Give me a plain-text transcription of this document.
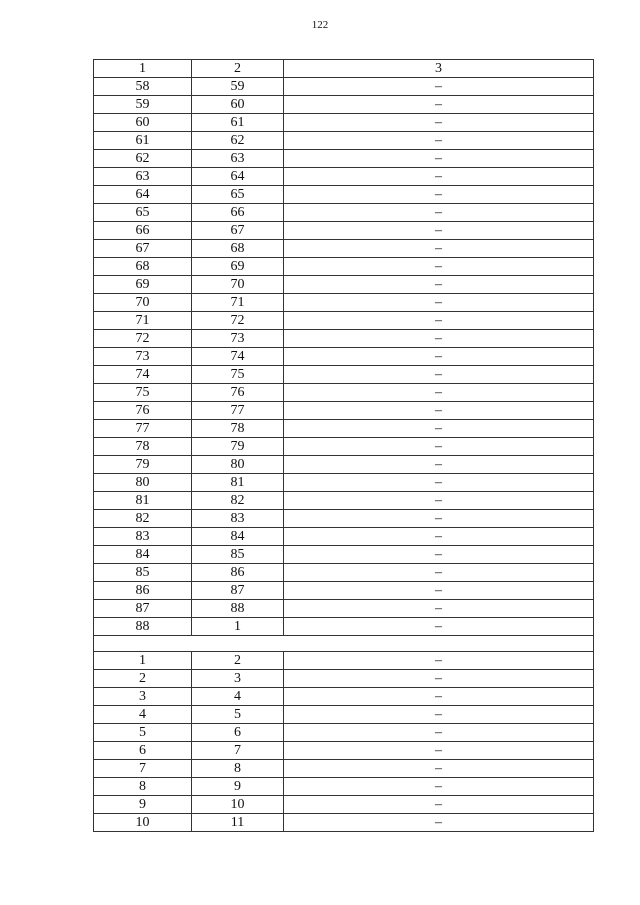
122
1	2	3
58	59	–
59	60	–
60	61	–
61	62	–
62	63	–
63	64	–
64	65	–
65	66	–
66	67	–
67	68	–
68	69	–
69	70	–
70	71	–
71	72	–
72	73	–
73	74	–
74	75	–
75	76	–
76	77	–
77	78	–
78	79	–
79	80	–
80	81	–
81	82	–
82	83	–
83	84	–
84	85	–
85	86	–
86	87	–
87	88	–
88	1	–

1	2	–
2	3	–
3	4	–
4	5	–
5	6	–
6	7	–
7	8	–
8	9	–
9	10	–
10	11	–
